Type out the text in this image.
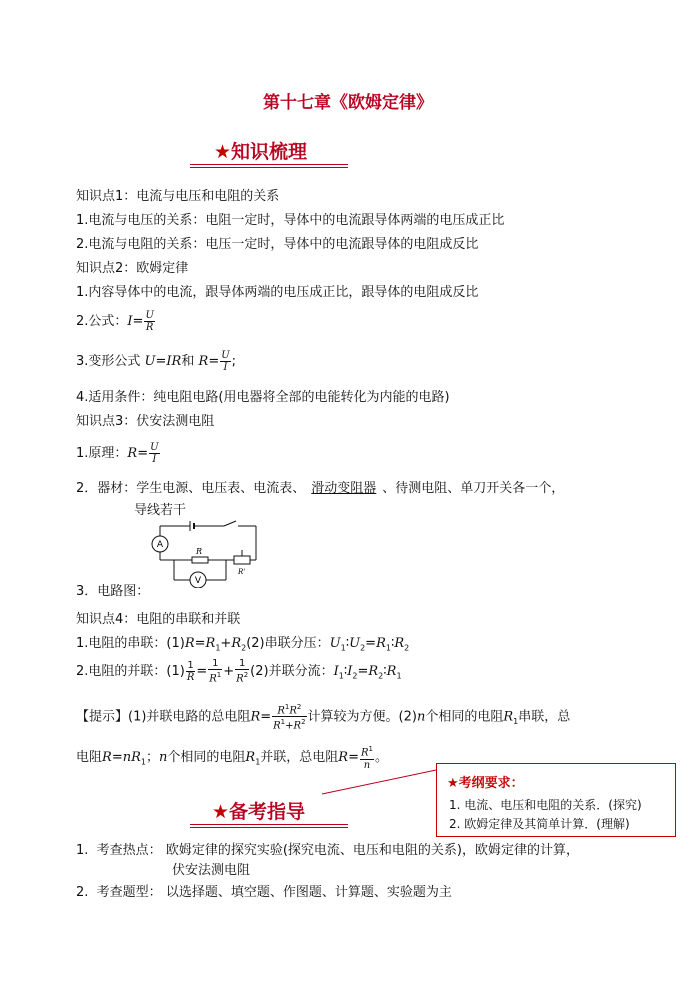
第十七章《欧姆定律》
★知识梳理
知识点1：电流与电压和电阻的关系
1.电流与电压的关系：电阻一定时，导体中的电流跟导体两端的电压成正比
2.电流与电阻的关系：电压一定时，导体中的电流跟导体的电阻成反比
知识点2：欧姆定律
1.内容导体中的电流，跟导体两端的电压成正比，跟导体的电阻成反比
2.公式：$I= \frac{U}{R}$
3.变形公式 U=IR和 $R= \frac{U}{I}$ ;
4.适用条件：纯电阻电路(用电器将全部的电能转化为内能的电路)
知识点3：伏安法测电阻
1.原理：$R= \frac{U}{I}$
2．器材：学生电源、电压表、电流表、 滑动变阻器 、待测电阻、单刀开关各一个，
导线若干
A
V
R
R'
3．电路图：
知识点4：电阻的串联和并联
1.电阻的串联：$(1)R=R_1+R_2(2)$串联分压：$U_1∶U_2=R_1∶R_2$
2.电阻的并联：$(1) \frac{1}{R} = \frac{1}{R^1} + \frac{1}{R^2} (2)$并联分流：$I_1∶I_2=R_2∶R_1$
【提示】(1)并联电路的总电阻$R= \frac{R^1R^2}{R^1+R^2}$ 计算较为方便。(2)n个相同的电阻$R_1$串联，总
电阻$R=nR_1$；n个相同的电阻$R_1$并联，总电阻$R= \frac{R^1}{n}$ 。
★考纲要求：
1. 电流、电压和电阻的关系．(探究)
2. 欧姆定律及其简单计算．(理解)
★备考指导
1. 考查热点： 欧姆定律的探究实验(探究电流、电压和电阻的关系)，欧姆定律的计算，
伏安法测电阻
2. 考查题型： 以选择题、填空题、作图题、计算题、实验题为主
